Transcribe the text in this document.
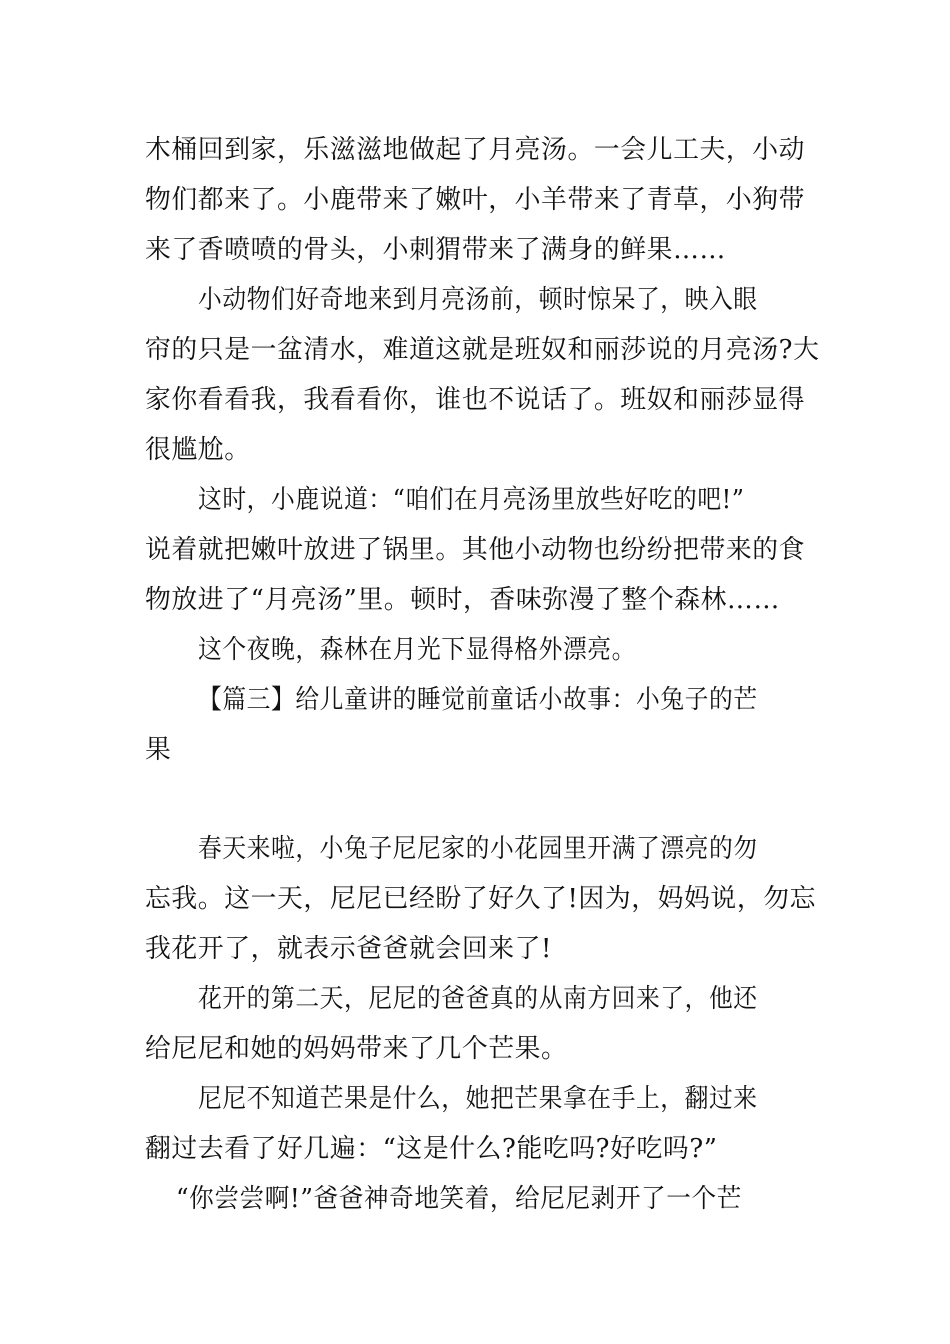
木桶回到家，乐滋滋地做起了月亮汤。一会儿工夫，小动
物们都来了。小鹿带来了嫩叶，小羊带来了青草，小狗带
来了香喷喷的骨头，小刺猬带来了满身的鲜果……
小动物们好奇地来到月亮汤前，顿时惊呆了，映入眼
帘的只是一盆清水，难道这就是班奴和丽莎说的月亮汤?大
家你看看我，我看看你，谁也不说话了。班奴和丽莎显得
很尴尬。
这时，小鹿说道：“咱们在月亮汤里放些好吃的吧!”
说着就把嫩叶放进了锅里。其他小动物也纷纷把带来的食
物放进了“月亮汤”里。顿时，香味弥漫了整个森林……
这个夜晚，森林在月光下显得格外漂亮。
【篇三】给儿童讲的睡觉前童话小故事：小兔子的芒
果
春天来啦，小兔子尼尼家的小花园里开满了漂亮的勿
忘我。这一天，尼尼已经盼了好久了!因为，妈妈说，勿忘
我花开了，就表示爸爸就会回来了!
花开的第二天，尼尼的爸爸真的从南方回来了，他还
给尼尼和她的妈妈带来了几个芒果。
尼尼不知道芒果是什么，她把芒果拿在手上，翻过来
翻过去看了好几遍：“这是什么?能吃吗?好吃吗?”
“你尝尝啊!”爸爸神奇地笑着，给尼尼剥开了一个芒
